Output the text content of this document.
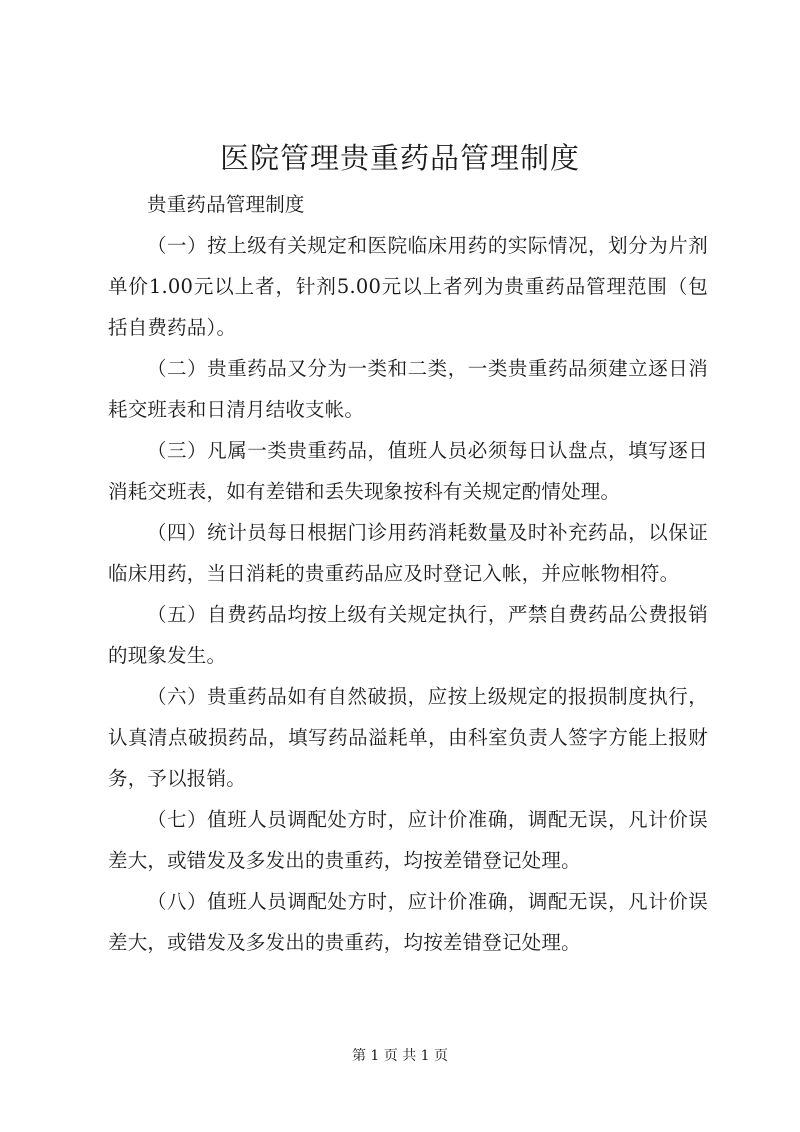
医院管理贵重药品管理制度

贵重药品管理制度

（一）按上级有关规定和医院临床用药的实际情况，划分为片剂单价1.00元以上者，针剂5.00元以上者列为贵重药品管理范围（包括自费药品）。

（二）贵重药品又分为一类和二类，一类贵重药品须建立逐日消耗交班表和日清月结收支帐。

（三）凡属一类贵重药品，值班人员必须每日认盘点，填写逐日消耗交班表，如有差错和丢失现象按科有关规定酌情处理。

（四）统计员每日根据门诊用药消耗数量及时补充药品，以保证临床用药，当日消耗的贵重药品应及时登记入帐，并应帐物相符。

（五）自费药品均按上级有关规定执行，严禁自费药品公费报销的现象发生。

（六）贵重药品如有自然破损，应按上级规定的报损制度执行，认真清点破损药品，填写药品溢耗单，由科室负责人签字方能上报财务，予以报销。

（七）值班人员调配处方时，应计价准确，调配无误，凡计价误差大，或错发及多发出的贵重药，均按差错登记处理。

（八）值班人员调配处方时，应计价准确，调配无误，凡计价误差大，或错发及多发出的贵重药，均按差错登记处理。

第 1 页 共 1 页
